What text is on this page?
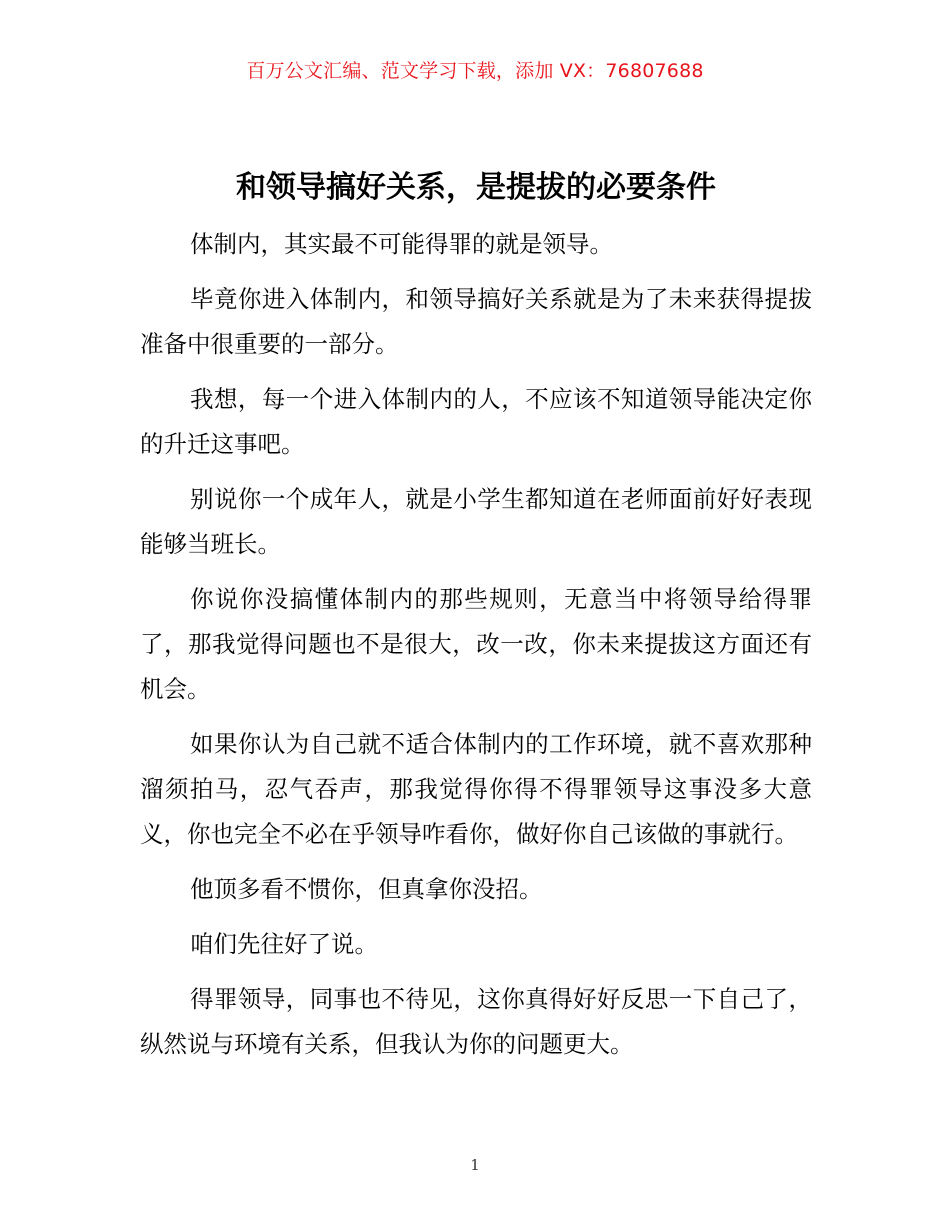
百万公文汇编、范文学习下载，添加 VX：76807688
和领导搞好关系，是提拔的必要条件

体制内，其实最不可能得罪的就是领导。

毕竟你进入体制内，和领导搞好关系就是为了未来获得提拔准备中很重要的一部分。

我想，每一个进入体制内的人，不应该不知道领导能决定你的升迁这事吧。

别说你一个成年人，就是小学生都知道在老师面前好好表现能够当班长。

你说你没搞懂体制内的那些规则，无意当中将领导给得罪了，那我觉得问题也不是很大，改一改，你未来提拔这方面还有机会。

如果你认为自己就不适合体制内的工作环境，就不喜欢那种溜须拍马，忍气吞声，那我觉得你得不得罪领导这事没多大意义，你也完全不必在乎领导咋看你，做好你自己该做的事就行。

他顶多看不惯你，但真拿你没招。

咱们先往好了说。

得罪领导，同事也不待见，这你真得好好反思一下自己了，纵然说与环境有关系，但我认为你的问题更大。

1
